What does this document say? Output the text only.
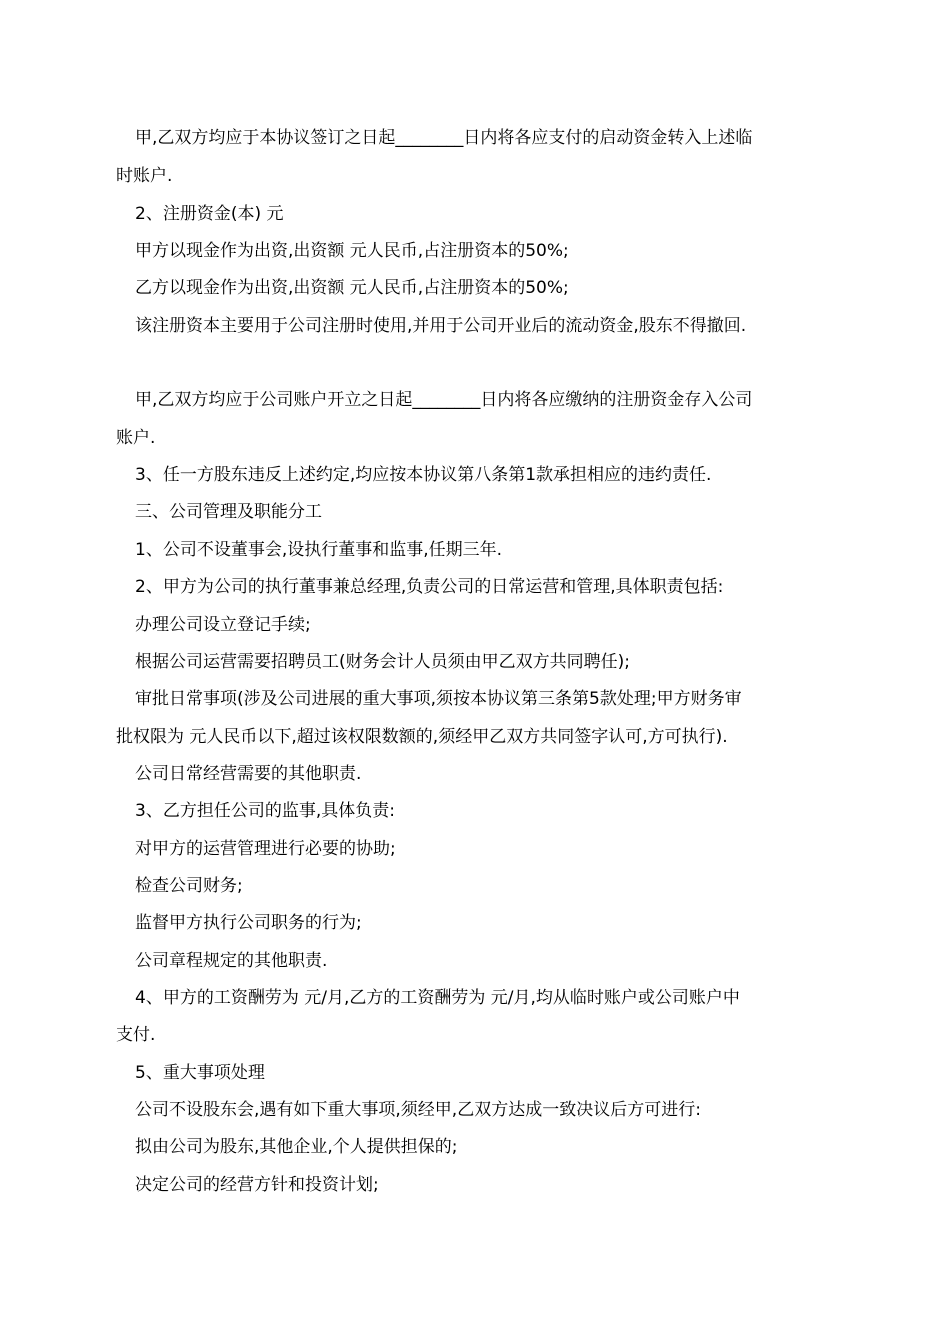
甲,乙双方均应于本协议签订之日起________日内将各应支付的启动资金转入上述临
时账户.
2、注册资金(本) 元
甲方以现金作为出资,出资额 元人民币,占注册资本的50%;
乙方以现金作为出资,出资额 元人民币,占注册资本的50%;
该注册资本主要用于公司注册时使用,并用于公司开业后的流动资金,股东不得撤回.
甲,乙双方均应于公司账户开立之日起________日内将各应缴纳的注册资金存入公司
账户.
3、任一方股东违反上述约定,均应按本协议第八条第1款承担相应的违约责任.
三、公司管理及职能分工
1、公司不设董事会,设执行董事和监事,任期三年.
2、甲方为公司的执行董事兼总经理,负责公司的日常运营和管理,具体职责包括:
办理公司设立登记手续;
根据公司运营需要招聘员工(财务会计人员须由甲乙双方共同聘任);
审批日常事项(涉及公司进展的重大事项,须按本协议第三条第5款处理;甲方财务审
批权限为 元人民币以下,超过该权限数额的,须经甲乙双方共同签字认可,方可执行).
公司日常经营需要的其他职责.
3、乙方担任公司的监事,具体负责:
对甲方的运营管理进行必要的协助;
检查公司财务;
监督甲方执行公司职务的行为;
公司章程规定的其他职责.
4、甲方的工资酬劳为 元/月,乙方的工资酬劳为 元/月,均从临时账户或公司账户中
支付.
5、重大事项处理
公司不设股东会,遇有如下重大事项,须经甲,乙双方达成一致决议后方可进行:
拟由公司为股东,其他企业,个人提供担保的;
决定公司的经营方针和投资计划;
